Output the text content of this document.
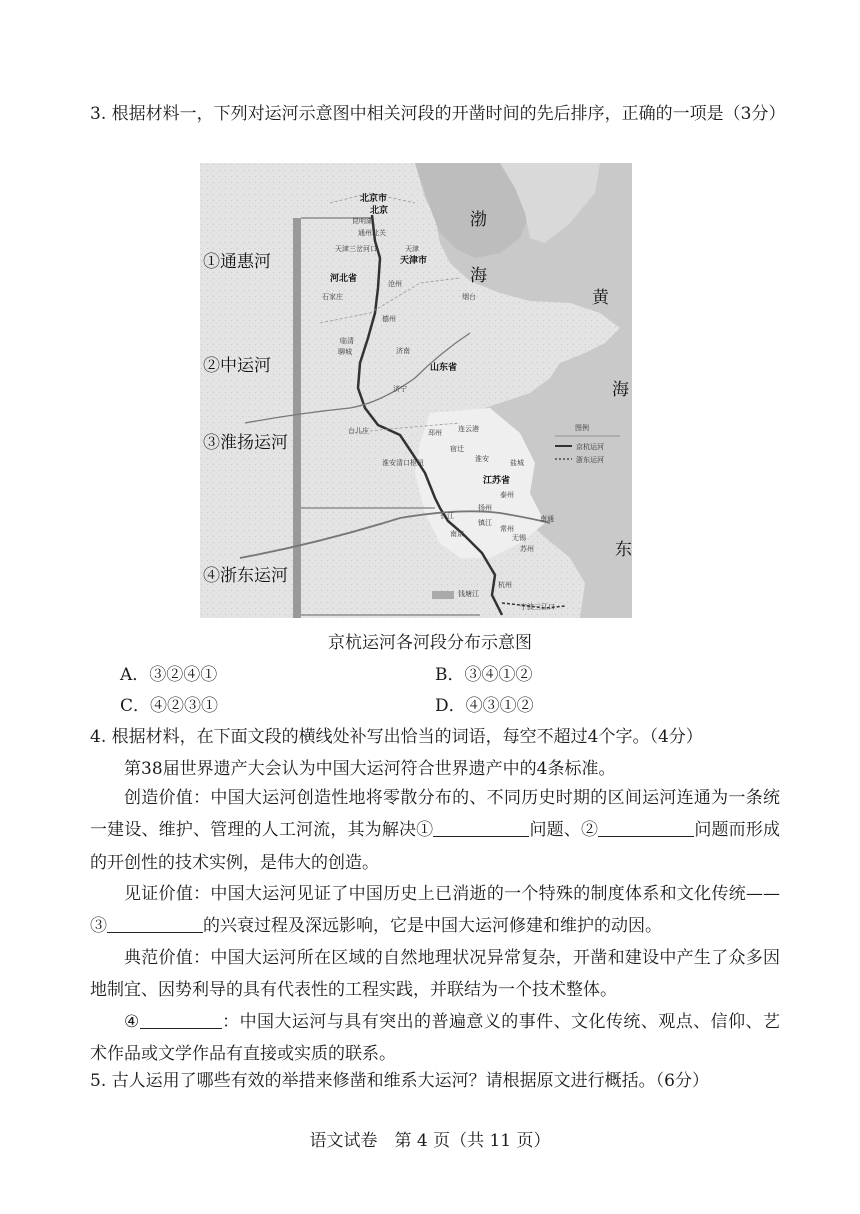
3. 根据材料一，下列对运河示意图中相关河段的开凿时间的先后排序，正确的一项是（3分）
①通惠河
②中运河
③淮扬运河
④浙东运河
北京市
北京
昆明湖
通州北关
天津三岔河口	天津
天津市
沧州
河北省
石家庄	烟台
德州
临清
聊城	济南
山东省
济宁
台儿庄	邳州
宿迁
淮安清口枢纽
连云港
淮安	盐城
江苏省
泰州
扬州
长江
镇江
南京
南通
常州
无锡
苏州
杭州
钱塘江
宁波三江口
渤
海
黄
海
东
图例
京杭运河
浙东运河
京杭运河各河段分布示意图
A．③②④①	B．③④①②
C．④②③①	D．④③①②
4. 根据材料，在下面文段的横线处补写出恰当的词语，每空不超过4个字。（4分）
第38届世界遗产大会认为中国大运河符合世界遗产中的4条标准。
创造价值：中国大运河创造性地将零散分布的、不同历史时期的区间运河连通为一条统一建设、维护、管理的人工河流，其为解决①	问题、②	问题而形成的开创性的技术实例，是伟大的创造。
见证价值：中国大运河见证了中国历史上已消逝的一个特殊的制度体系和文化传统——③	的兴衰过程及深远影响，它是中国大运河修建和维护的动因。
典范价值：中国大运河所在区域的自然地理状况异常复杂，开凿和建设中产生了众多因地制宜、因势利导的具有代表性的工程实践，并联结为一个技术整体。
④	：中国大运河与具有突出的普遍意义的事件、文化传统、观点、信仰、艺术作品或文学作品有直接或实质的联系。
5. 古人运用了哪些有效的举措来修凿和维系大运河？请根据原文进行概括。（6分）
语文试卷　第 4 页（共 11 页）
